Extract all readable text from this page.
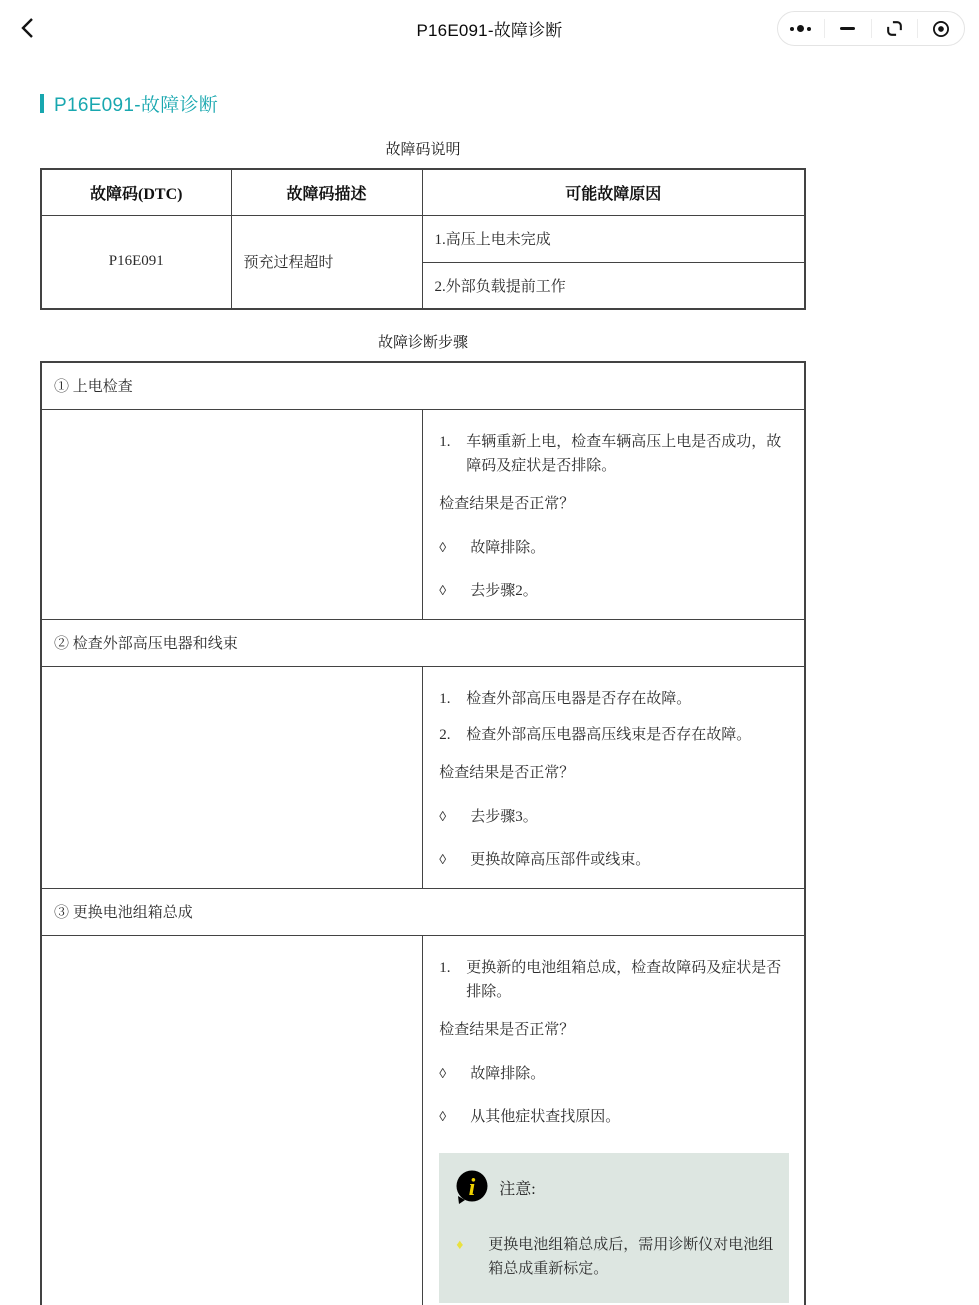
P16E091-故障诊断
P16E091-故障诊断
故障码说明
故障码(DTC)	故障码描述	可能故障原因
P16E091	预充过程超时	1.高压上电未完成
		2.外部负载提前工作
故障诊断步骤
① 上电检查	

1.	车辆重新上电，检查车辆高压上电是否成功，故障码及症状是否排除。
检查结果是否正常？
◊	故障排除。
◊	去步骤2。

② 检查外部高压电器和线束	

1.	检查外部高压电器是否存在故障。
2.	检查外部高压电器高压线束是否存在故障。
检查结果是否正常？
◊	去步骤3。
◊	更换故障高压部件或线束。

③ 更换电池组箱总成	

1.	更换新的电池组箱总成，检查故障码及症状是否排除。
检查结果是否正常？
◊	故障排除。
◊	从其他症状查找原因。
i 注意:
♦	更换电池组箱总成后，需用诊断仪对电池组箱总成重新标定。
